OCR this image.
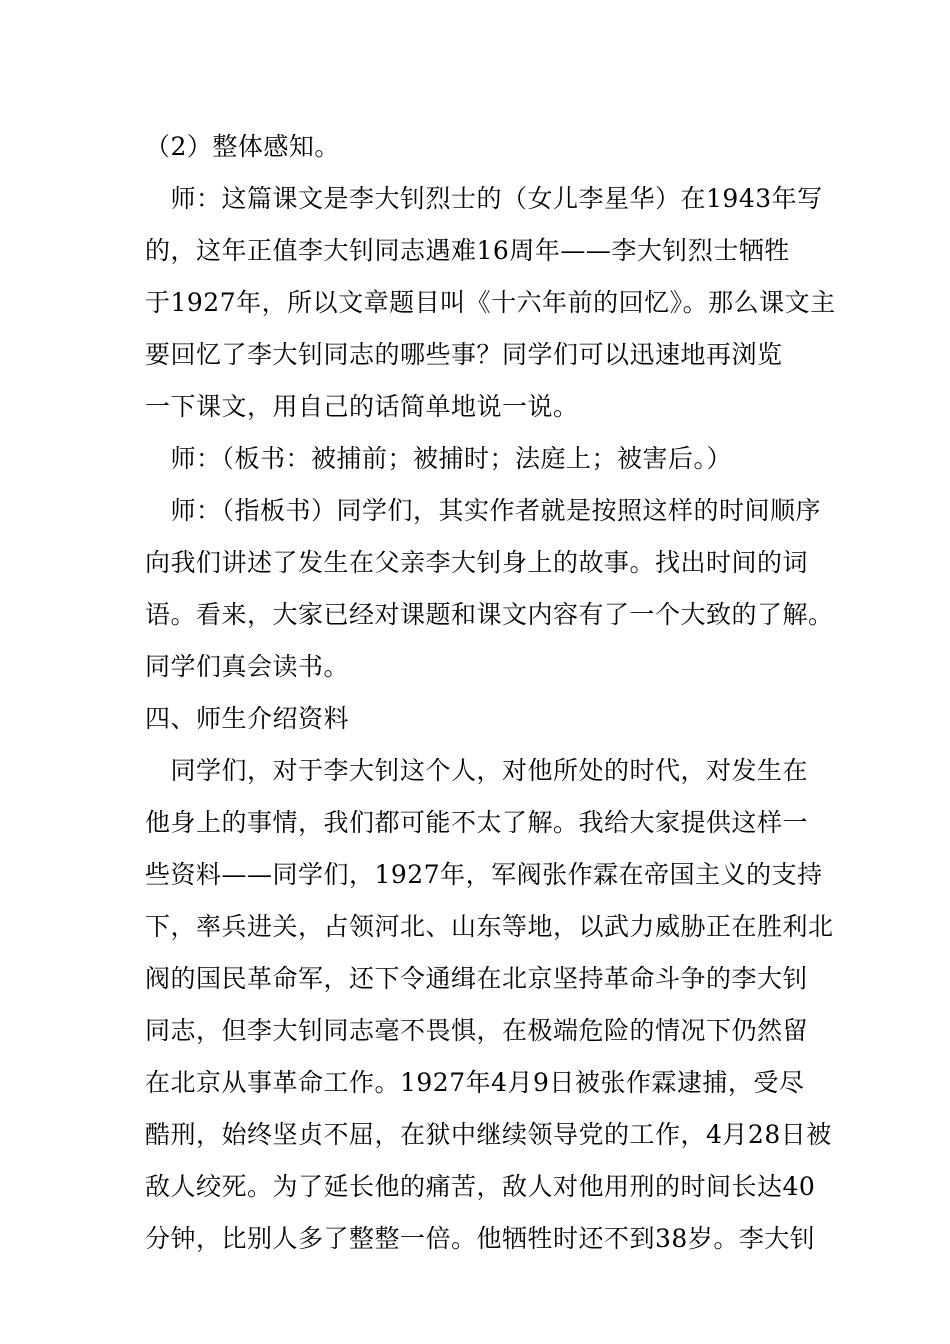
（2）整体感知。
　师：这篇课文是李大钊烈士的（女儿李星华）在1943年写
的，这年正值李大钊同志遇难16周年——李大钊烈士牺牲
于1927年，所以文章题目叫《十六年前的回忆》。那么课文主
要回忆了李大钊同志的哪些事？同学们可以迅速地再浏览
一下课文，用自己的话简单地说一说。
　师：（板书：被捕前；被捕时；法庭上；被害后。）
　师：（指板书）同学们，其实作者就是按照这样的时间顺序
向我们讲述了发生在父亲李大钊身上的故事。找出时间的词
语。看来，大家已经对课题和课文内容有了一个大致的了解。
同学们真会读书。
四、师生介绍资料
　同学们，对于李大钊这个人，对他所处的时代，对发生在
他身上的事情，我们都可能不太了解。我给大家提供这样一
些资料——同学们，1927年，军阀张作霖在帝国主义的支持
下，率兵进关，占领河北、山东等地，以武力威胁正在胜利北
阀的国民革命军，还下令通缉在北京坚持革命斗争的李大钊
同志，但李大钊同志毫不畏惧，在极端危险的情况下仍然留
在北京从事革命工作。1927年4月9日被张作霖逮捕，受尽
酷刑，始终坚贞不屈，在狱中继续领导党的工作，4月28日被
敌人绞死。为了延长他的痛苦，敌人对他用刑的时间长达40
分钟，比别人多了整整一倍。他牺牲时还不到38岁。李大钊
